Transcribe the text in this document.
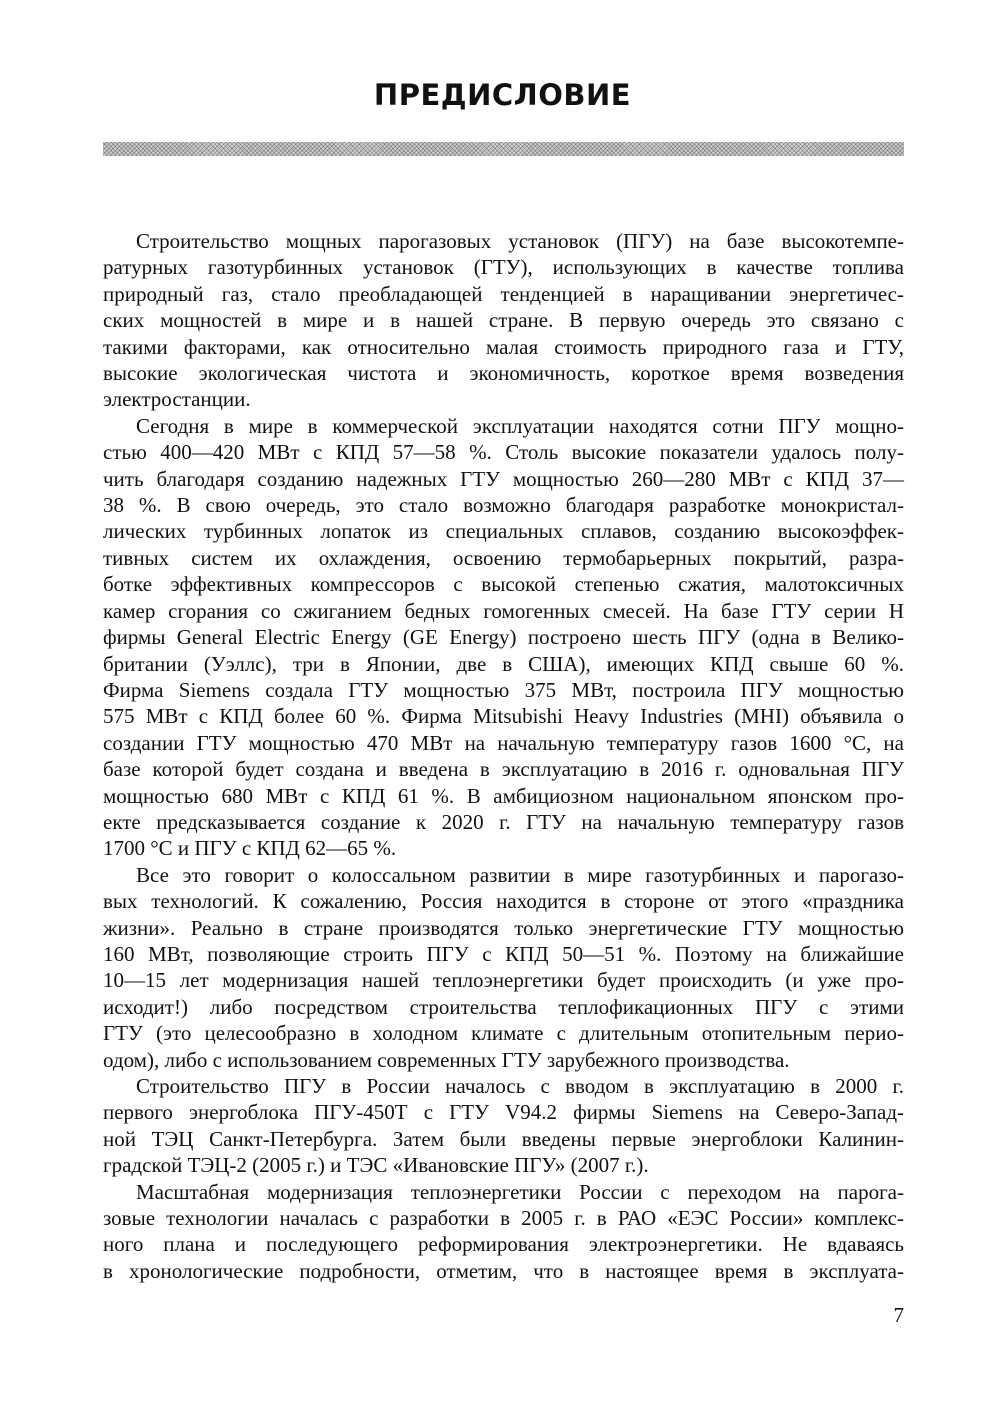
ПРЕДИСЛОВИЕ

Строительство мощных парогазовых установок (ПГУ) на базе высокотемпе-
ратурных газотурбинных установок (ГТУ), использующих в качестве топлива
природный газ, стало преобладающей тенденцией в наращивании энергетичес-
ских мощностей в мире и в нашей стране. В первую очередь это связано с
такими факторами, как относительно малая стоимость природного газа и ГТУ,
высокие экологическая чистота и экономичность, короткое время возведения
электростанции.

Сегодня в мире в коммерческой эксплуатации находятся сотни ПГУ мощно-
стью 400—420 МВт с КПД 57—58 %. Столь высокие показатели удалось полу-
чить благодаря созданию надежных ГТУ мощностью 260—280 МВт с КПД 37—
38 %. В свою очередь, это стало возможно благодаря разработке монокристал-
лических турбинных лопаток из специальных сплавов, созданию высокоэффек-
тивных систем их охлаждения, освоению термобарьерных покрытий, разра-
ботке эффективных компрессоров с высокой степенью сжатия, малотоксичных
камер сгорания со сжиганием бедных гомогенных смесей. На базе ГТУ серии H
фирмы General Electric Energy (GE Energy) построено шесть ПГУ (одна в Велико-
британии (Уэллс), три в Японии, две в США), имеющих КПД свыше 60 %.
Фирма Siemens создала ГТУ мощностью 375 МВт, построила ПГУ мощностью
575 МВт с КПД более 60 %. Фирма Mitsubishi Heavy Industries (MHI) объявила о
создании ГТУ мощностью 470 МВт на начальную температуру газов 1600 °C, на
базе которой будет создана и введена в эксплуатацию в 2016 г. одновальная ПГУ
мощностью 680 МВт с КПД 61 %. В амбициозном национальном японском про-
екте предсказывается создание к 2020 г. ГТУ на начальную температуру газов
1700 °C и ПГУ с КПД 62—65 %.

Все это говорит о колоссальном развитии в мире газотурбинных и парогазо-
вых технологий. К сожалению, Россия находится в стороне от этого «праздника
жизни». Реально в стране производятся только энергетические ГТУ мощностью
160 МВт, позволяющие строить ПГУ с КПД 50—51 %. Поэтому на ближайшие
10—15 лет модернизация нашей теплоэнергетики будет происходить (и уже про-
исходит!) либо посредством строительства теплофикационных ПГУ с этими
ГТУ (это целесообразно в холодном климате с длительным отопительным перио-
одом), либо с использованием современных ГТУ зарубежного производства.

Строительство ПГУ в России началось с вводом в эксплуатацию в 2000 г.
первого энергоблока ПГУ-450Т с ГТУ V94.2 фирмы Siemens на Северо-Запад-
ной ТЭЦ Санкт-Петербурга. Затем были введены первые энергоблоки Калинин-
градской ТЭЦ-2 (2005 г.) и ТЭС «Ивановские ПГУ» (2007 г.).

Масштабная модернизация теплоэнергетики России с переходом на парога-
зовые технологии началась с разработки в 2005 г. в РАО «ЕЭС России» комплекс-
ного плана и последующего реформирования электроэнергетики. Не вдаваясь
в хронологические подробности, отметим, что в настоящее время в эксплуата-

7
